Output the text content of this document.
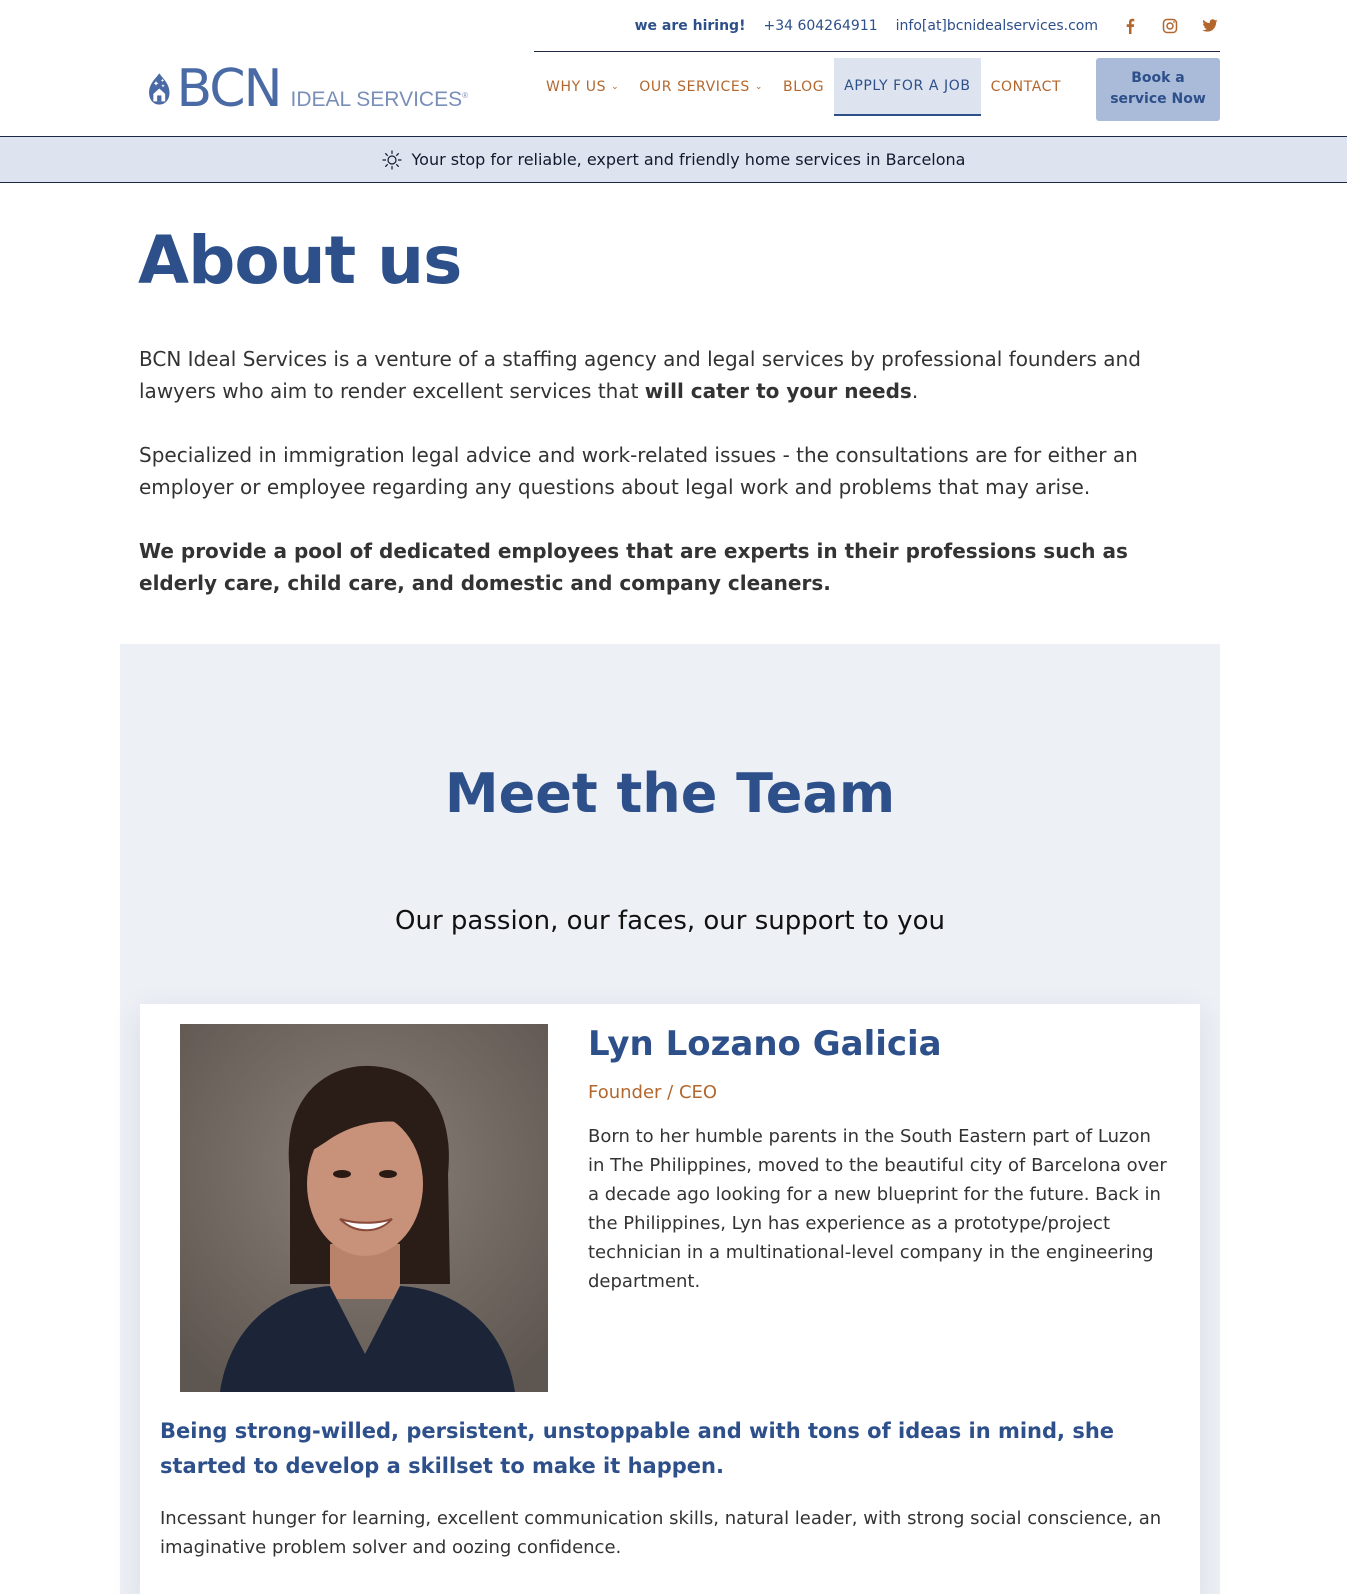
we are hiring! +34 604264911 info[at]bcnidealservices.com
BCN IDEAL SERVICES®
WHY US ⌄ OUR SERVICES ⌄ BLOG APPLY FOR A JOB CONTACT
Book a
service Now
Your stop for reliable, expert and friendly home services in Barcelona
About us

BCN Ideal Services is a venture of a staffing agency and legal services by professional founders and lawyers who aim to render excellent services that will cater to your needs.

Specialized in immigration legal advice and work-related issues - the consultations are for either an employer or employee regarding any questions about legal work and problems that may arise.

We provide a pool of dedicated employees that are experts in their professions such as elderly care, child care, and domestic and company cleaners.

Meet the Team

Our passion, our faces, our support to you

Lyn Lozano Galicia

Founder / CEO

Born to her humble parents in the South Eastern part of Luzon in The Philippines, moved to the beautiful city of Barcelona over a decade ago looking for a new blueprint for the future. Back in the Philippines, Lyn has experience as a prototype/project technician in a multinational-level company in the engineering department.

Being strong-willed, persistent, unstoppable and with tons of ideas in mind, she started to develop a skillset to make it happen.

Incessant hunger for learning, excellent communication skills, natural leader, with strong social conscience, an imaginative problem solver and oozing confidence.
